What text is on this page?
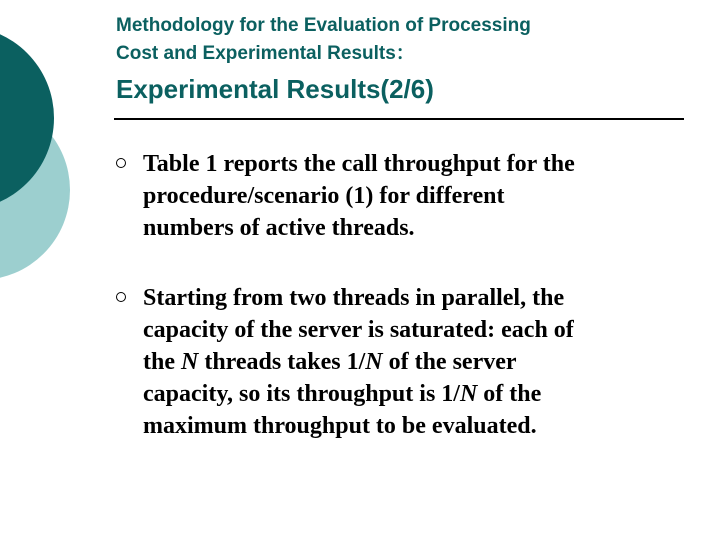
Methodology for the Evaluation of Processing
Cost and Experimental Results：
Experimental Results(2/6)
Table 1 reports the call throughput for the
procedure/scenario (1) for different
numbers of active threads.
Starting from two threads in parallel, the
capacity of the server is saturated: each of
the N threads takes 1/N of the server
capacity, so its throughput is 1/N of the
maximum throughput to be evaluated.
